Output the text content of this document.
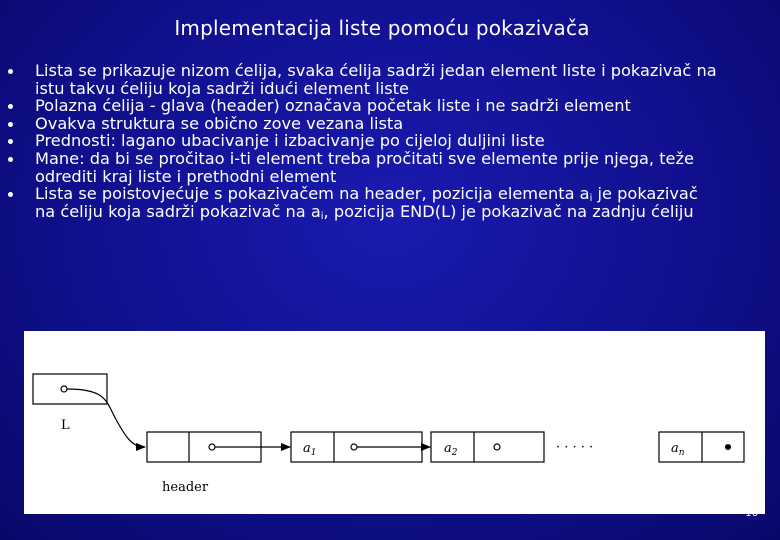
Implementacija liste pomoću pokazivača
Lista se prikazuje nizom ćelija, svaka ćelija sadrži jedan element liste i pokazivač na
istu takvu ćeliju koja sadrži idući element liste
Polazna ćelija - glava (header) označava početak liste i ne sadrži element
Ovakva struktura se obično zove vezana lista
Prednosti: lagano ubacivanje i izbacivanje po cijeloj duljini liste
Mane: da bi se pročitao i-ti element treba pročitati sve elemente prije njega, teže
odrediti kraj liste i prethodni element
Lista se poistovjećuje s pokazivačem na header, pozicija elementa $a_i$ je pokazivač
na ćeliju koja sadrži pokazivač na $a_i$, pozicija END(L) je pokazivač na zadnju ćeliju
L
header
$a_1$	$a_2$	$a_n$
· · · · ·
16
